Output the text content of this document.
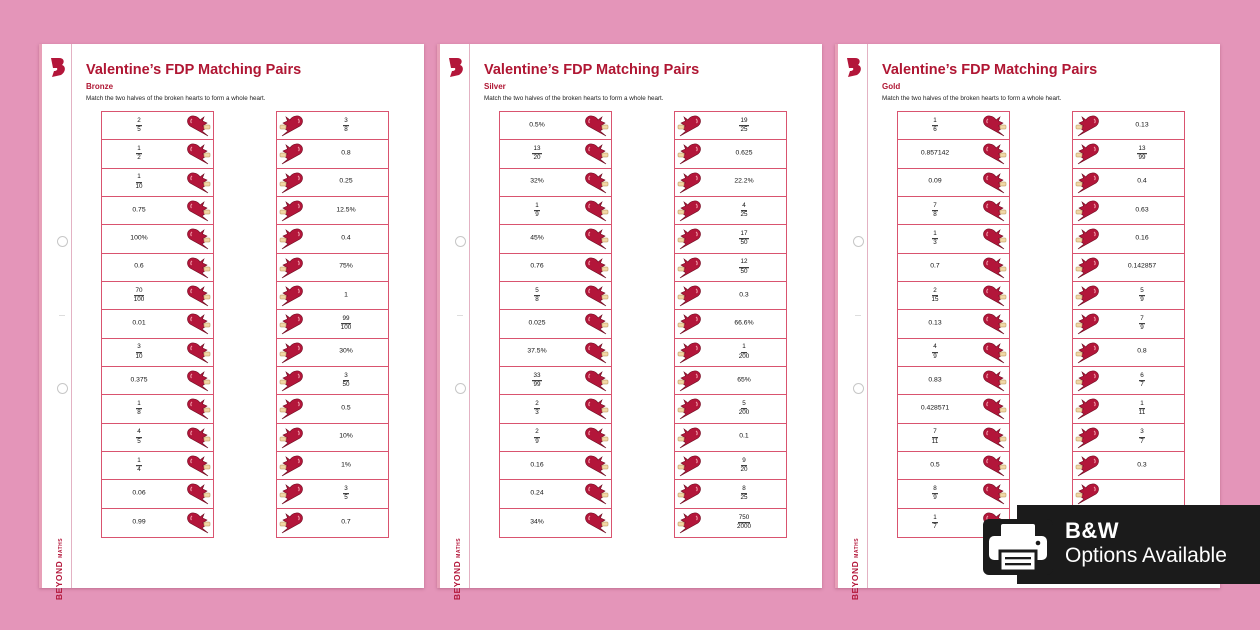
BEYOND MATHS
Valentine’s FDP Matching Pairs
Bronze
Match the two halves of the broken hearts to form a whole heart.
$\frac{2}{5}$
$\frac{1}{2}$
$\frac{1}{10}$
0.75
100%
0.6
$\frac{70}{100}$
0.01
$\frac{3}{10}$
0.375
$\frac{1}{8}$
$\frac{4}{5}$
$\frac{1}{4}$
0.06
0.99
$\frac{3}{8}$
0.8
0.25
12.5%
0.4
75%
1
$\frac{99}{100}$
30%
$\frac{3}{50}$
0.5
10%
1%
$\frac{3}{5}$
0.7
BEYOND MATHS
Valentine’s FDP Matching Pairs
Silver
Match the two halves of the broken hearts to form a whole heart.
0.5%
$\frac{13}{20}$
32%
$\frac{1}{9}$
45%
0.76
$\frac{5}{8}$
0.025
37.5%
$\frac{33}{99}$
$\frac{2}{3}$
$\frac{2}{9}$
0.16
0.24
34%
$\frac{19}{25}$
0.625
22.2%
$\frac{4}{25}$
$\frac{17}{50}$
$\frac{12}{50}$
0.3
66.6%
$\frac{1}{200}$
65%
$\frac{5}{200}$
0.1
$\frac{9}{20}$
$\frac{8}{25}$
$\frac{750}{2000}$
BEYOND MATHS
Valentine’s FDP Matching Pairs
Gold
Match the two halves of the broken hearts to form a whole heart.
$\frac{1}{6}$
0.857142
0.09
$\frac{7}{8}$
$\frac{1}{3}$
0.7
$\frac{2}{15}$
0.13
$\frac{4}{9}$
0.83
0.428571
$\frac{7}{11}$
0.5
$\frac{8}{9}$
$\frac{1}{7}$
0.13
$\frac{13}{99}$
0.4
0.63
0.16
0.142857
$\frac{5}{9}$
$\frac{7}{9}$
0.8
$\frac{6}{7}$
$\frac{1}{11}$
$\frac{3}{7}$
0.3
B&W
Options Available
